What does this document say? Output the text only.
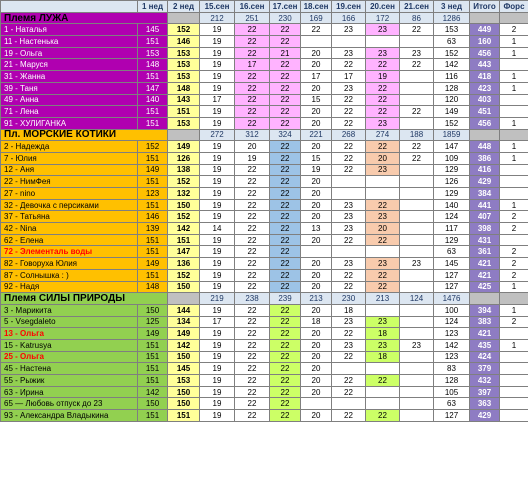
	1 нед	2 нед	15.сен	16.сен	17.сен	18.сен	19.сен	20.сен	21.сен	3 нед	Итого	Форс
Племя ЛУЖА			212	251	230	169	166	172	86	1286		
1 - Наталья	145	152	19	22	22	22	23	23	22	153	449	2
11 - Настенька	151	146	19	22	22					63	160	1
19 - Ольга	153	153	19	22	21	20	23	23	23	152	456	1
21 - Маруся	148	153	19	17	22	20	22	22	22	142	443	
31 - Жанна	151	153	19	22	22	17	17	19		116	418	1
39 - Таня	147	148	19	22	22	20	23	22		128	423	1
49 - Анна	140	143	17	22	22	15	22	22		120	403	
71 - Лена	151	151	19	22	22	20	22	22	22	149	451	
91 - ХУЛИГАНКА	151	153	19	22	22	20	22	23		152	456	1
Пл. МОРСКИЕ КОТИКИ			272	312	324	221	268	274	188	1859		
2 - Надежда	152	149	19	20	22	20	22	22	22	147	448	1
7 - Юлия	151	126	19	19	22	15	22	20	22	109	386	1
12 - Аня	149	138	19	22	22	19	22	23		129	416	
22 - НимФея	151	152	19	22	22	20				126	429	
27 - nino	123	132	19	22	22	20				129	384	
32 - Девочка с персиками	151	150	19	22	22	20	23	22		140	441	1
37 - Татьяна	146	152	19	22	22	20	23	23		124	407	2
42 - Nina	139	142	14	22	22	13	23	20		117	398	2
62 - Елена	151	151	19	22	22	20	22	22		129	431	
72 - Элементаль воды	151	147	19	22	22					63	361	2
82 - Говоруха Юлия	149	136	19	22	22	20	23	23	23	145	421	2
87 - Солнышка : )	151	152	19	22	22	20	22	22		127	421	2
92 - Надя	148	150	19	22	22	20	22	22		127	425	1
Племя СИЛЫ ПРИРОДЫ			219	238	239	213	230	213	124	1476		
3 - Марикита	150	144	19	22	22	20	18			100	394	1
5 - Vsegdaleto	125	134	17	22	22	18	23	23		124	383	2
13 - Ольга	149	149	19	22	22	20	22	18		123	421	
15 - Katrusya	151	142	19	22	22	20	23	23	23	142	435	1
25 - Ольга	151	150	19	22	22	20	22	18		123	424	
45 - Настена	151	145	19	22	22	20				83	379	
55 - Рыжик	151	153	19	22	22	20	22	22		128	432	
63 - Ирина	142	150	19	22	22	20	22			105	397	
65 — Любовь отпуск до 23	150	150	19	22	22					63	363	
93 - Александра Владыкина	151	151	19	22	22	20	22	22		127	429	
